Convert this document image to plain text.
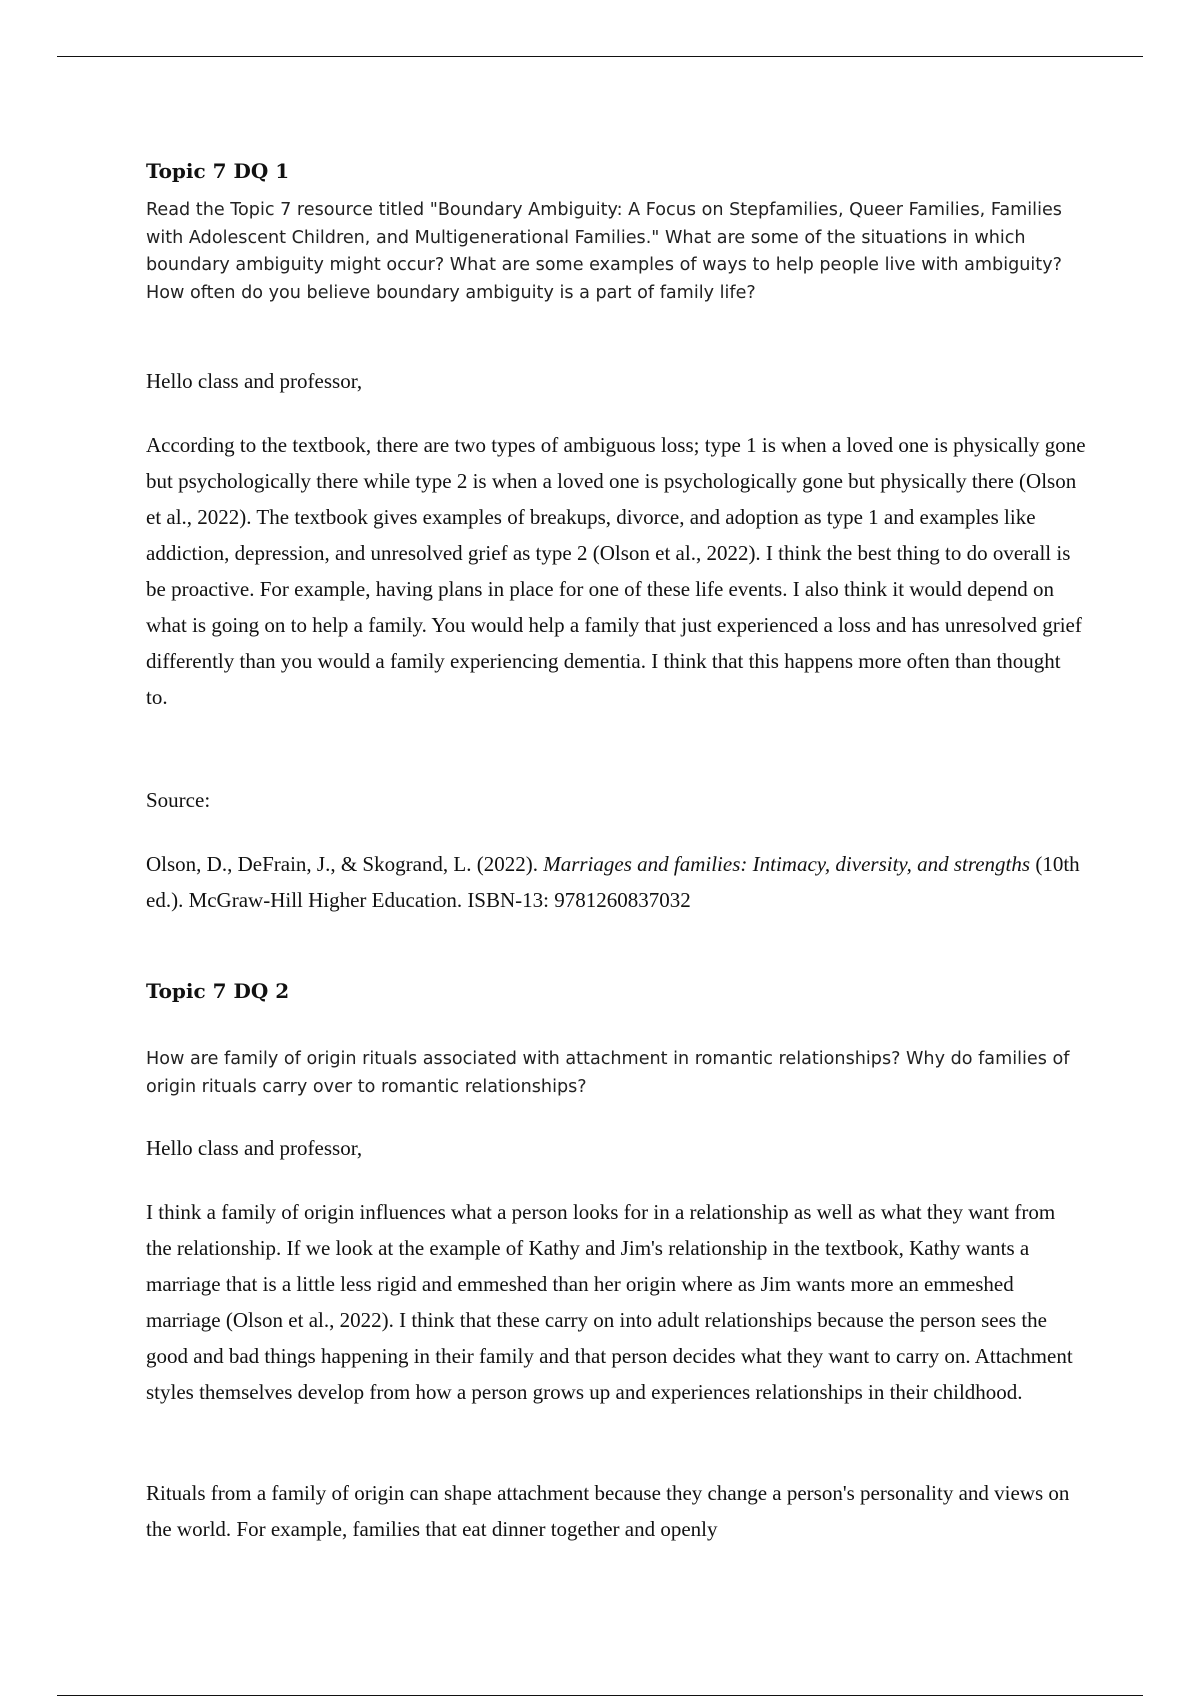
Topic 7 DQ 1

Read the Topic 7 resource titled "Boundary Ambiguity: A Focus on Stepfamilies, Queer Families, Families with Adolescent Children, and Multigenerational Families." What are some of the situations in which boundary ambiguity might occur? What are some examples of ways to help people live with ambiguity? How often do you believe boundary ambiguity is a part of family life?

Hello class and professor,

According to the textbook, there are two types of ambiguous loss; type 1 is when a loved one is physically gone but psychologically there while type 2 is when a loved one is psychologically gone but physically there (Olson et al., 2022). The textbook gives examples of breakups, divorce, and adoption as type 1 and examples like addiction, depression, and unresolved grief as type 2 (Olson et al., 2022). I think the best thing to do overall is be proactive. For example, having plans in place for one of these life events. I also think it would depend on what is going on to help a family. You would help a family that just experienced a loss and has unresolved grief differently than you would a family experiencing dementia. I think that this happens more often than thought to.

Source:

Olson, D., DeFrain, J., & Skogrand, L. (2022). Marriages and families: Intimacy, diversity, and strengths (10th ed.). McGraw-Hill Higher Education. ISBN-13: 9781260837032

Topic 7 DQ 2

How are family of origin rituals associated with attachment in romantic relationships? Why do families of origin rituals carry over to romantic relationships?

Hello class and professor,

I think a family of origin influences what a person looks for in a relationship as well as what they want from the relationship. If we look at the example of Kathy and Jim's relationship in the textbook, Kathy wants a marriage that is a little less rigid and emmeshed than her origin where as Jim wants more an emmeshed marriage (Olson et al., 2022). I think that these carry on into adult relationships because the person sees the good and bad things happening in their family and that person decides what they want to carry on. Attachment styles themselves develop from how a person grows up and experiences relationships in their childhood.

Rituals from a family of origin can shape attachment because they change a person's personality and views on the world. For example, families that eat dinner together and openly
